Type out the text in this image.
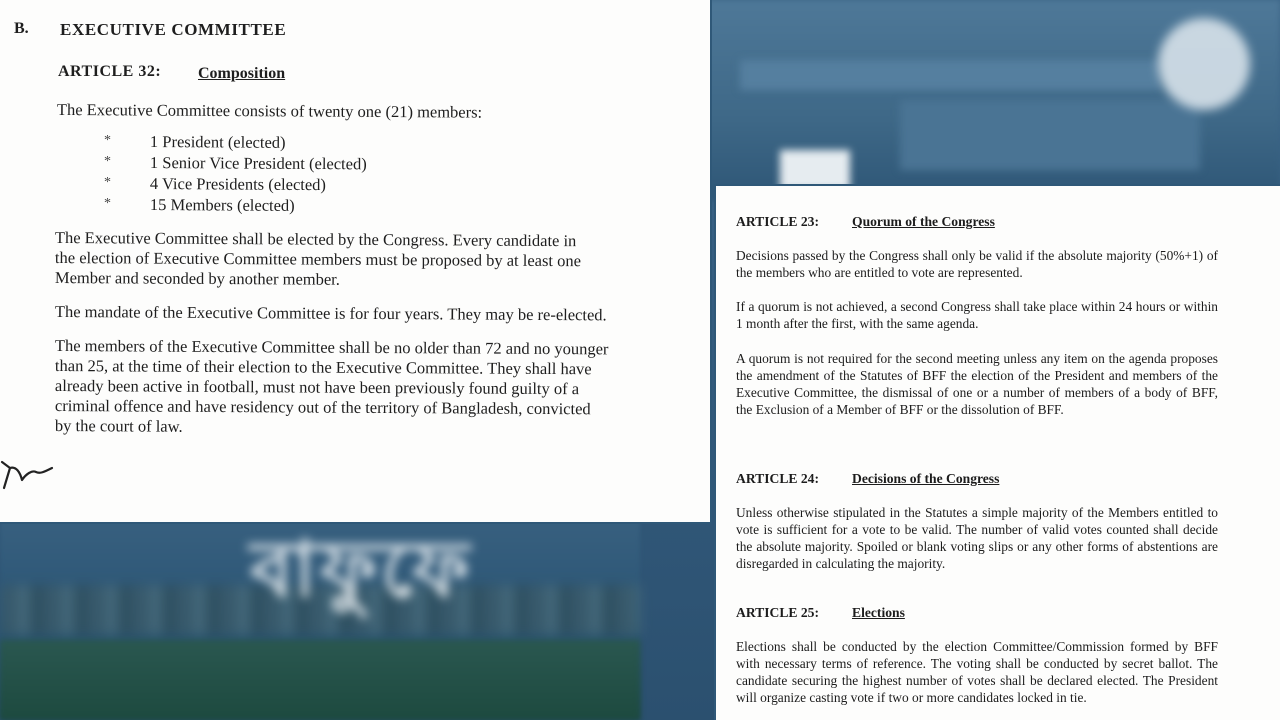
বাফুফে
B. EXECUTIVE COMMITTEE
ARTICLE 32: Composition
The Executive Committee consists of twenty one (21) members:
* 1 President (elected)
* 1 Senior Vice President (elected)
* 4 Vice Presidents (elected)
* 15 Members (elected)
The Executive Committee shall be elected by the Congress. Every candidate in
the election of Executive Committee members must be proposed by at least one
Member and seconded by another member.
The mandate of the Executive Committee is for four years. They may be re-elected.
The members of the Executive Committee shall be no older than 72 and no younger
than 25, at the time of their election to the Executive Committee. They shall have
already been active in football, must not have been previously found guilty of a
criminal offence and have residency out of the territory of Bangladesh, convicted
by the court of law.
ARTICLE 23: Quorum of the Congress
Decisions passed by the Congress shall only be valid if the absolute majority (50%+1) of the members who are entitled to vote are represented.
If a quorum is not achieved, a second Congress shall take place within 24 hours or within 1 month after the first, with the same agenda.
A quorum is not required for the second meeting unless any item on the agenda proposes the amendment of the Statutes of BFF the election of the President and members of the Executive Committee, the dismissal of one or a number of members of a body of BFF, the Exclusion of a Member of BFF or the dissolution of BFF.
ARTICLE 24: Decisions of the Congress
Unless otherwise stipulated in the Statutes a simple majority of the Members entitled to vote is sufficient for a vote to be valid. The number of valid votes counted shall decide the absolute majority. Spoiled or blank voting slips or any other forms of abstentions are disregarded in calculating the majority.
ARTICLE 25: Elections
Elections shall be conducted by the election Committee/Commission formed by BFF with necessary terms of reference. The voting shall be conducted by secret ballot. The candidate securing the highest number of votes shall be declared elected. The President will organize casting vote if two or more candidates locked in tie.
